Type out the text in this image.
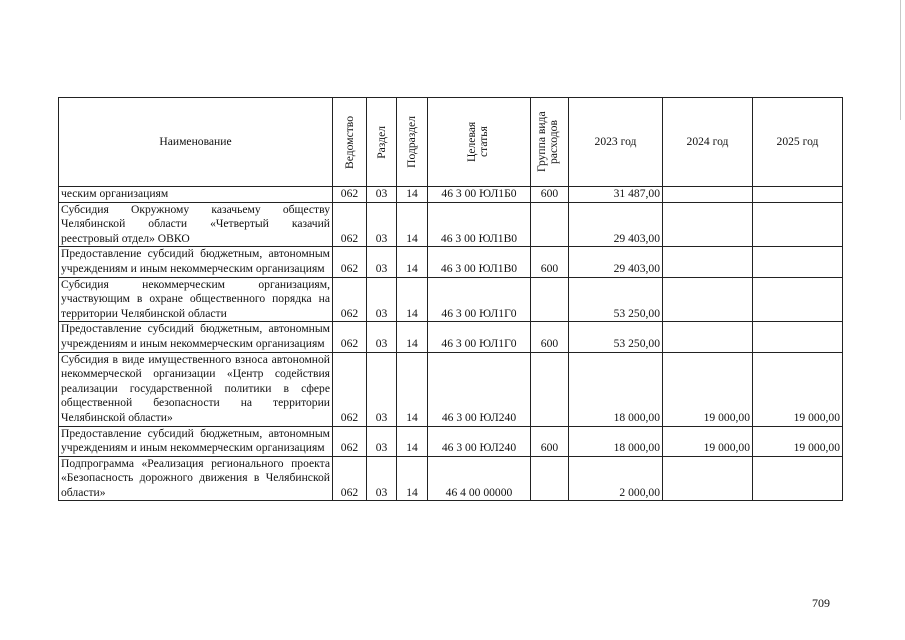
Наименование	Ведомство	Раздел	Подраздел	Целевая статья	Группа вида расходов	2023 год	2024 год	2025 год
ческим организациям	062	03	14	46 3 00 ЮЛ1Б0	600	31 487,00		
Субсидия Окружному казачьему обществу Челябинской области «Четвертый казачий реестровый отдел» ОВКО	062	03	14	46 3 00 ЮЛ1В0		29 403,00		
Предоставление субсидий бюджетным, автономным учреждениям и иным некоммерческим организациям	062	03	14	46 3 00 ЮЛ1В0	600	29 403,00		
Субсидия некоммерческим организациям, участвующим в охране общественного порядка на территории Челябинской области	062	03	14	46 3 00 ЮЛ1Г0		53 250,00		
Предоставление субсидий бюджетным, автономным учреждениям и иным некоммерческим организациям	062	03	14	46 3 00 ЮЛ1Г0	600	53 250,00		
Субсидия в виде имущественного взноса автономной некоммерческой организации «Центр содействия реализации государственной политики в сфере общественной безопасности на территории Челябинской области»	062	03	14	46 3 00 ЮЛ240		18 000,00	19 000,00	19 000,00
Предоставление субсидий бюджетным, автономным учреждениям и иным некоммерческим организациям	062	03	14	46 3 00 ЮЛ240	600	18 000,00	19 000,00	19 000,00
Подпрограмма «Реализация регионального проекта «Безопасность дорожного движения в Челябинской области»	062	03	14	46 4 00 00000		2 000,00		
709
